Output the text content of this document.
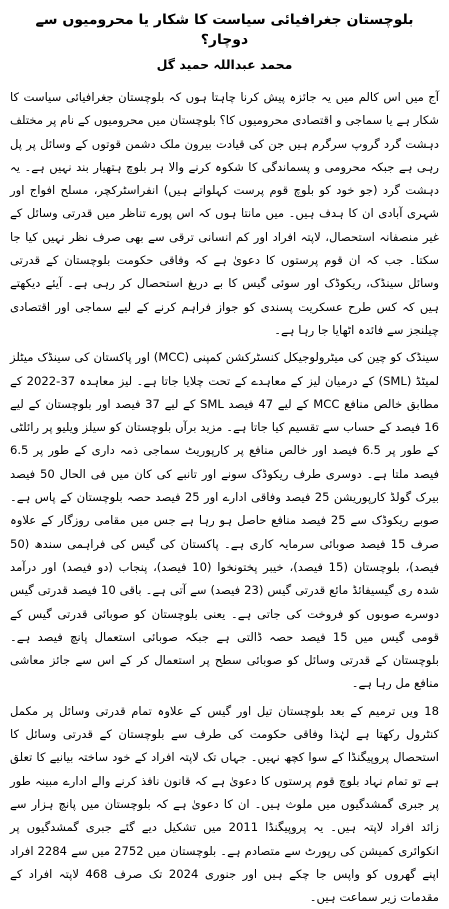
بلوچستان جغرافیائی سیاست کا شکار یا محرومیوں سے دوچار؟
محمد عبداللہ حمید گل

آج میں اس کالم میں یہ جائزہ پیش کرنا چاہتا ہوں کہ بلوچستان جغرافیائی سیاست کا شکار ہے یا سماجی و اقتصادی محرومیوں کا؟ بلوچستان میں محرومیوں کے نام پر مختلف دہشت گرد گروپ سرگرم ہیں جن کی قیادت بیرون ملک دشمن قوتوں کے وسائل پر پل رہی ہے جبکہ محرومی و پسماندگی کا شکوہ کرنے والا ہر بلوچ ہتھیار بند نہیں ہے۔ یہ دہشت گرد (جو خود کو بلوچ قوم پرست کہلواتے ہیں) انفراسٹرکچر، مسلح افواج اور شہری آبادی ان کا ہدف ہیں۔ میں مانتا ہوں کہ اس پورے تناظر میں قدرتی وسائل کے غیر منصفانہ استحصال، لاپتہ افراد اور کم انسانی ترقی سے بھی صرف نظر نہیں کیا جا سکتا۔ جب کہ ان قوم پرستوں کا دعویٰ ہے کہ وفاقی حکومت بلوچستان کے قدرتی وسائل سینڈک، ریکوڈک اور سوئی گیس کا بے دریغ استحصال کر رہی ہے۔ آیئے دیکھتے ہیں کہ کس طرح عسکریت پسندی کو جواز فراہم کرنے کے لیے سماجی اور اقتصادی چیلنجز سے فائدہ اٹھایا جا رہا ہے۔

سینڈک کو چین کی میٹرولوجیکل کنسٹرکشن کمپنی (MCC) اور پاکستان کی سینڈک میٹلز لمیٹڈ (SML) کے درمیان لیز کے معاہدے کے تحت چلایا جاتا ہے۔ لیز معاہدہ 37-2022 کے مطابق خالص منافع MCC کے لیے 47 فیصد SML کے لیے 37 فیصد اور بلوچستان کے لیے 16 فیصد کے حساب سے تقسیم کیا جاتا ہے۔ مزید برآں بلوچستان کو سیلز ویلیو پر رائلٹی کے طور پر 6.5 فیصد اور خالص منافع پر کارپوریٹ سماجی ذمہ داری کے طور پر 6.5 فیصد ملتا ہے۔ دوسری طرف ریکوڈک سونے اور تانبے کی کان میں فی الحال 50 فیصد بیرک گولڈ کارپوریشن 25 فیصد وفاقی ادارے اور 25 فیصد حصہ بلوچستان کے پاس ہے۔ صوبے ریکوڈک سے 25 فیصد منافع حاصل ہو رہا ہے جس میں مقامی روزگار کے علاوہ صرف 15 فیصد صوبائی سرمایہ کاری ہے۔ پاکستان کی گیس کی فراہمی سندھ (50 فیصد)، بلوچستان (15 فیصد)، خیبر پختونخوا (10 فیصد)، پنجاب (دو فیصد) اور درآمد شدہ ری گیسیفائڈ مائع قدرتی گیس (23 فیصد) سے آتی ہے۔ باقی 10 فیصد قدرتی گیس دوسرے صوبوں کو فروخت کی جاتی ہے۔ یعنی بلوچستان کو صوبائی قدرتی گیس کے قومی گیس میں 15 فیصد حصہ ڈالتی ہے جبکہ صوبائی استعمال پانچ فیصد ہے۔ بلوچستان کے قدرتی وسائل کو صوبائی سطح پر استعمال کر کے اس سے جائز معاشی منافع مل رہا ہے۔

18 ویں ترمیم کے بعد بلوچستان تیل اور گیس کے علاوہ تمام قدرتی وسائل پر مکمل کنٹرول رکھتا ہے لہٰذا وفاقی حکومت کی طرف سے بلوچستان کے قدرتی وسائل کا استحصال پروپیگنڈا کے سوا کچھ نہیں۔ جہاں تک لاپتہ افراد کے خود ساختہ بیانیے کا تعلق ہے تو تمام نہاد بلوچ قوم پرستوں کا دعویٰ ہے کہ قانون نافذ کرنے والے ادارے مبینہ طور پر جبری گمشدگیوں میں ملوث ہیں۔ ان کا دعویٰ ہے کہ بلوچستان میں پانچ ہزار سے زائد افراد لاپتہ ہیں۔ یہ پروپیگنڈا 2011 میں تشکیل دیے گئے جبری گمشدگیوں پر انکوائری کمیشن کی رپورٹ سے متصادم ہے۔ بلوچستان میں 2752 میں سے 2284 افراد اپنے گھروں کو واپس جا چکے ہیں اور جنوری 2024 تک صرف 468 لاپتہ افراد کے مقدمات زیر سماعت ہیں۔
